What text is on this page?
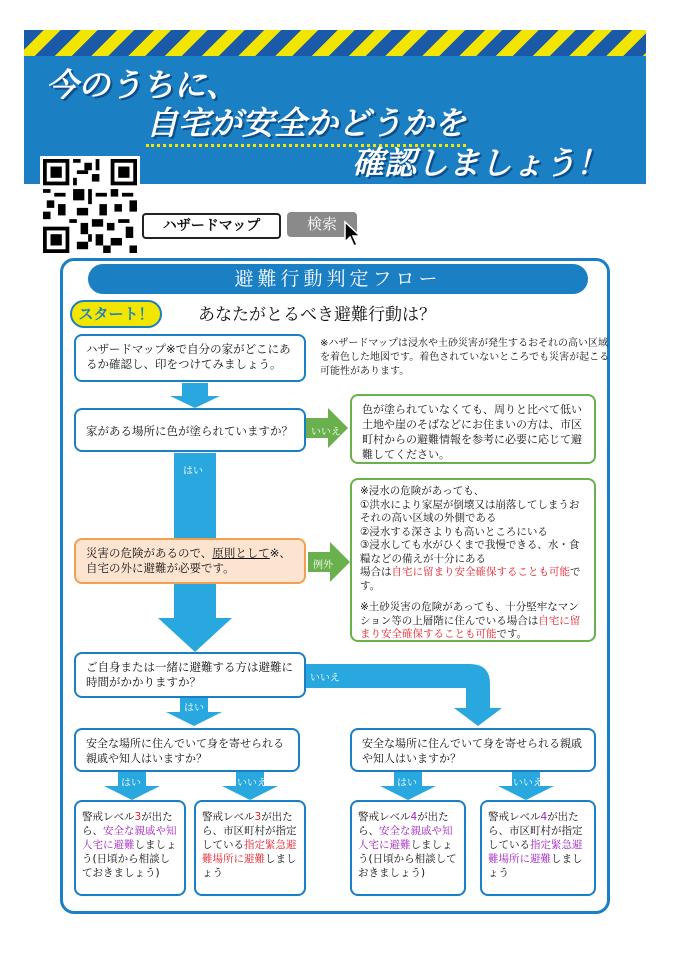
今のうちに、
自宅が安全かどうかを
確認しましょう！
ハザードマップ	検索
避難行動判定フロー
スタート！	あなたがとるべき避難行動は？
いいえ
はい
例外
いいえ
はい
はい	いいえ	はい	いいえ
ハザードマップ※で自分の家がどこにあるか確認し、印をつけてみましょう。
※ハザードマップは浸水や土砂災害が発生するおそれの高い区域を着色した地図です。着色されていないところでも災害が起こる可能性があります。
家がある場所に色が塗られていますか？
色が塗られていなくても、周りと比べて低い土地や崖のそばなどにお住まいの方は、市区町村からの避難情報を参考に必要に応じて避難してください。
災害の危険があるので、原則として※、自宅の外に避難が必要です。
※浸水の危険があっても、
①洪水により家屋が倒壊又は崩落してしまうおそれの高い区域の外側である
②浸水する深さよりも高いところにいる
③浸水しても水がひくまで我慢できる、水・食糧などの備えが十分にある
場合は自宅に留まり安全確保することも可能です。
※土砂災害の危険があっても、十分堅牢なマンション等の上層階に住んでいる場合は自宅に留まり安全確保することも可能です。
ご自身または一緒に避難する方は避難に時間がかかりますか？
安全な場所に住んでいて身を寄せられる親戚や知人はいますか？
安全な場所に住んでいて身を寄せられる親戚や知人はいますか？
警戒レベル3が出たら、安全な親戚や知人宅に避難しましょう(日頃から相談しておきましょう)
警戒レベル3が出たら、市区町村が指定している指定緊急避難場所に避難しましょう
警戒レベル4が出たら、安全な親戚や知人宅に避難しましょう(日頃から相談しておきましょう)
警戒レベル4が出たら、市区町村が指定している指定緊急避難場所に避難しましょう
